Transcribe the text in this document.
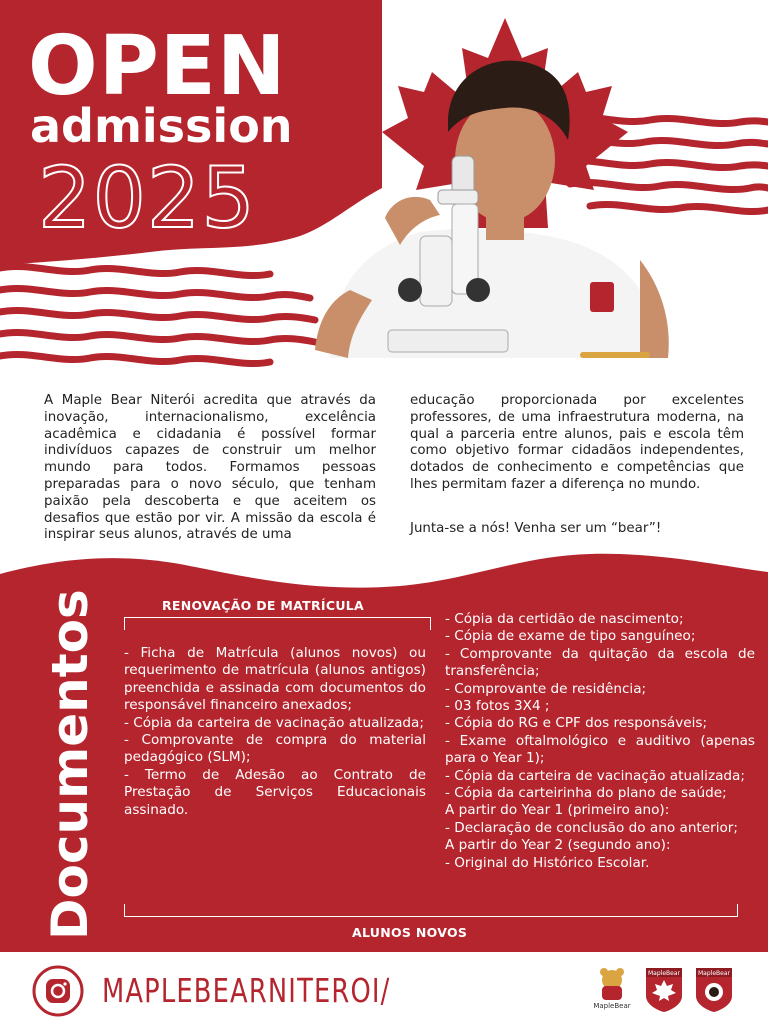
OPEN
admission
2025
A Maple Bear Niterói acredita que através da inovação, internacionalismo, excelência acadêmica e cidadania é possível formar indivíduos capazes de construir um melhor mundo para todos. Formamos pessoas preparadas para o novo século, que tenham paixão pela descoberta e que aceitem os desafios que estão por vir. A missão da escola é inspirar seus alunos, através de uma
educação proporcionada por excelentes professores, de uma infraestrutura moderna, na qual a parceria entre alunos, pais e escola têm como objetivo formar cidadãos independentes, dotados de conhecimento e competências que lhes permitam fazer a diferença no mundo.
Junta-se a nós! Venha ser um “bear”!
Documentos	RENOVAÇÃO DE MATRÍCULA
- Ficha de Matrícula (alunos novos) ou requerimento de matrícula (alunos antigos) preenchida e assinada com documentos do responsável financeiro anexados;
- Cópia da carteira de vacinação atualizada;
- Comprovante de compra do material pedagógico (SLM);
- Termo de Adesão ao Contrato de Prestação de Serviços Educacionais assinado.
- Cópia da certidão de nascimento;
- Cópia de exame de tipo sanguíneo;
- Comprovante da quitação da escola de transferência;
- Comprovante de residência;
- 03 fotos 3X4 ;
- Cópia do RG e CPF dos responsáveis;
- Exame oftalmológico e auditivo (apenas para o Year 1);
- Cópia da carteira de vacinação atualizada;
- Cópia da carteirinha do plano de saúde;
A partir do Year 1 (primeiro ano):
- Declaração de conclusão do ano anterior;
A partir do Year 2 (segundo ano):
- Original do Histórico Escolar.
ALUNOS NOVOS
MAPLEBEARNITEROI/	MapleBear
MapleBear	MapleBear
